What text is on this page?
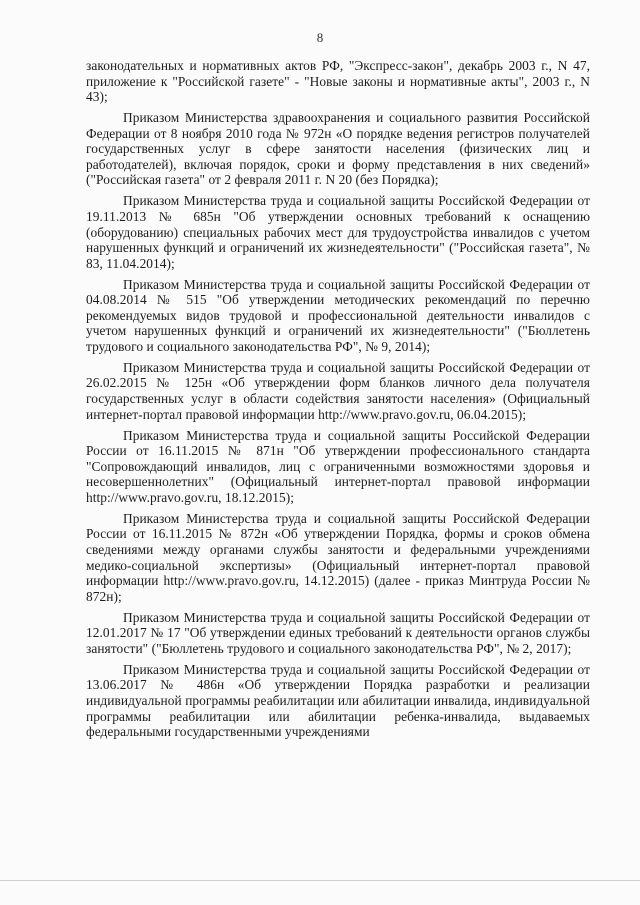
8

законодательных и нормативных актов РФ, "Экспресс-закон", декабрь 2003 г., N 47, приложение к "Российской газете" - "Новые законы и нормативные акты", 2003 г., N 43);

Приказом Министерства здравоохранения и социального развития Российской Федерации от 8 ноября 2010 года № 972н «О порядке ведения регистров получателей государственных услуг в сфере занятости населения (физических лиц и работодателей), включая порядок, сроки и форму представления в них сведений» ("Российская газета" от 2 февраля 2011 г. N 20 (без Порядка);

Приказом Министерства труда и социальной защиты Российской Федерации от 19.11.2013 № 685н "Об утверждении основных требований к оснащению (оборудованию) специальных рабочих мест для трудоустройства инвалидов с учетом нарушенных функций и ограничений их жизнедеятельности" ("Российская газета", № 83, 11.04.2014);

Приказом Министерства труда и социальной защиты Российской Федерации от 04.08.2014 № 515 "Об утверждении методических рекомендаций по перечню рекомендуемых видов трудовой и профессиональной деятельности инвалидов с учетом нарушенных функций и ограничений их жизнедеятельности" ("Бюллетень трудового и социального законодательства РФ", № 9, 2014);

Приказом Министерства труда и социальной защиты Российской Федерации от 26.02.2015 № 125н «Об утверждении форм бланков личного дела получателя государственных услуг в области содействия занятости населения» (Официальный интернет-портал правовой информации http://www.pravo.gov.ru, 06.04.2015);

Приказом Министерства труда и социальной защиты Российской Федерации России от 16.11.2015 № 871н "Об утверждении профессионального стандарта "Сопровождающий инвалидов, лиц с ограниченными возможностями здоровья и несовершеннолетних" (Официальный интернет-портал правовой информации http://www.pravo.gov.ru, 18.12.2015);

Приказом Министерства труда и социальной защиты Российской Федерации России от 16.11.2015 № 872н «Об утверждении Порядка, формы и сроков обмена сведениями между органами службы занятости и федеральными учреждениями медико-социальной экспертизы» (Официальный интернет-портал правовой информации http://www.pravo.gov.ru, 14.12.2015) (далее - приказ Минтруда России № 872н);

Приказом Министерства труда и социальной защиты Российской Федерации от 12.01.2017 № 17 "Об утверждении единых требований к деятельности органов службы занятости" ("Бюллетень трудового и социального законодательства РФ", № 2, 2017);

Приказом Министерства труда и социальной защиты Российской Федерации от 13.06.2017 № 486н «Об утверждении Порядка разработки и реализации индивидуальной программы реабилитации или абилитации инвалида, индивидуальной программы реабилитации или абилитации ребенка-инвалида, выдаваемых федеральными государственными учреждениями
